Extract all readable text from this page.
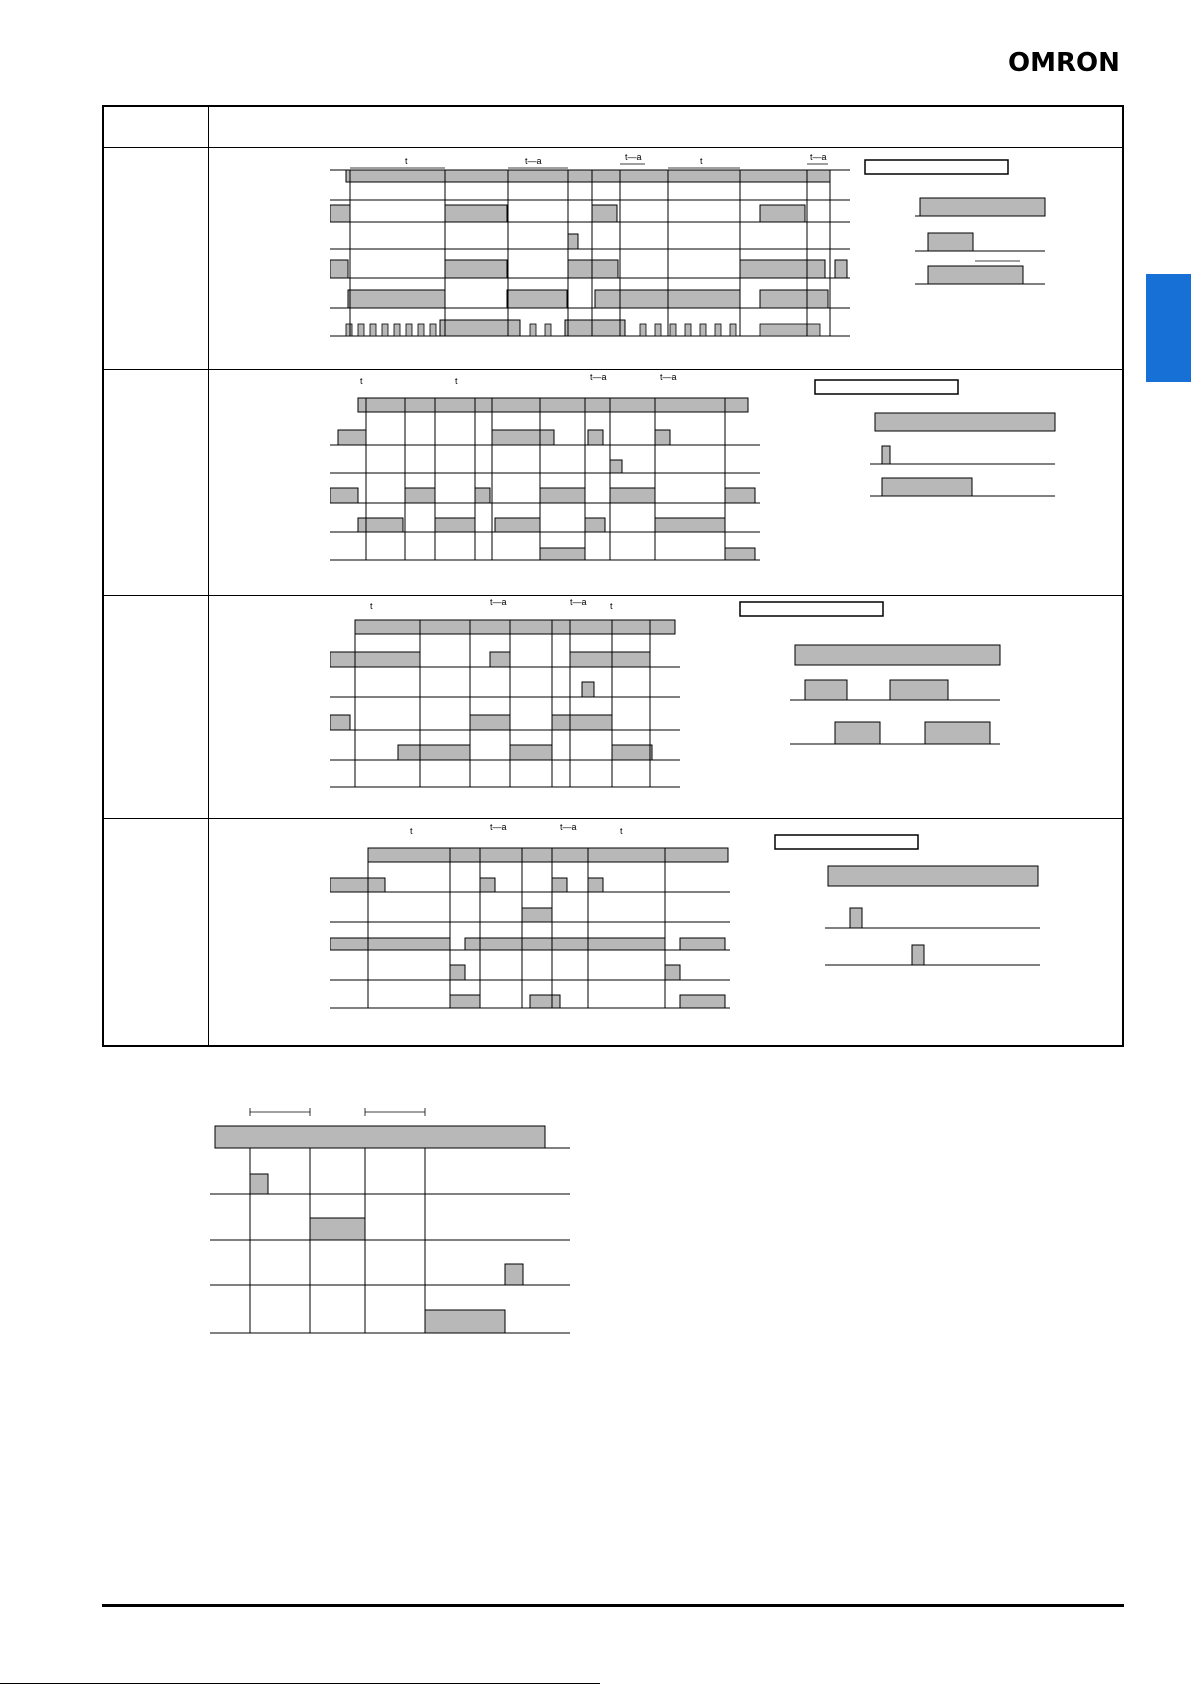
OMRON
t	t—a	t—a	t	t—a
t	t	t—a	t—a
t	t—a	t—a	t
t	t—a	t—a	t
